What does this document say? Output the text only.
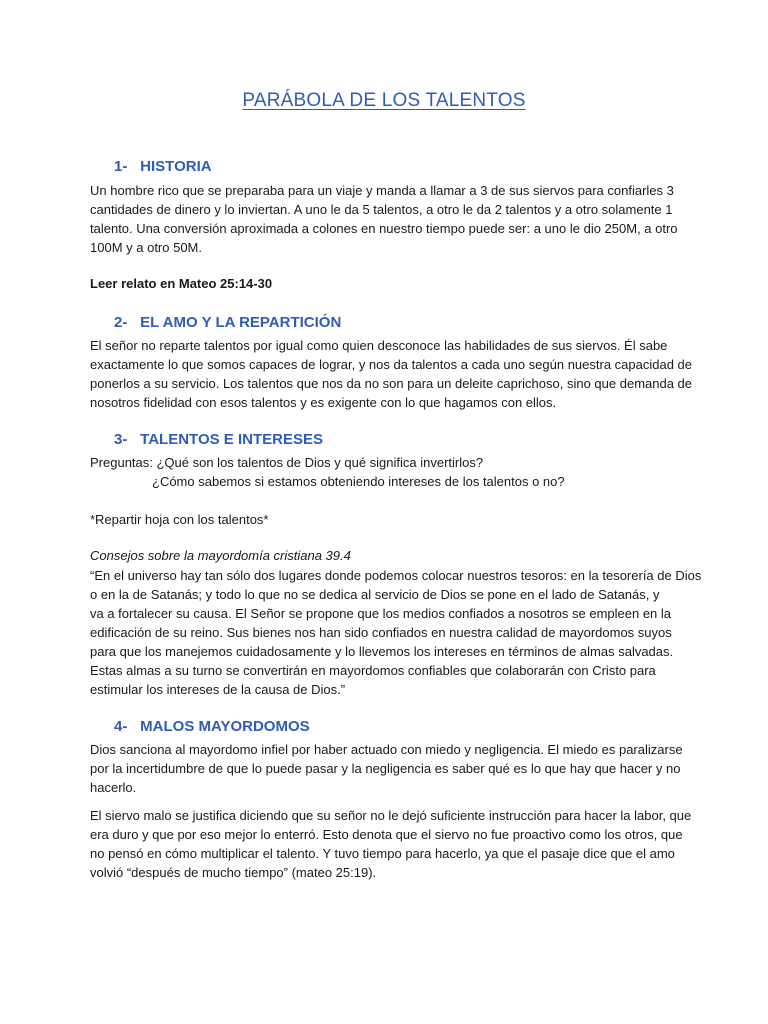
PARÁBOLA DE LOS TALENTOS
1- HISTORIA
Un hombre rico que se preparaba para un viaje y manda a llamar a 3 de sus siervos para confiarles 3
cantidades de dinero y lo inviertan. A uno le da 5 talentos, a otro le da 2 talentos y a otro solamente 1
talento. Una conversión aproximada a colones en nuestro tiempo puede ser: a uno le dio 250M, a otro
100M y a otro 50M.
Leer relato en Mateo 25:14-30
2- EL AMO Y LA REPARTICIÓN
El señor no reparte talentos por igual como quien desconoce las habilidades de sus siervos. Él sabe
exactamente lo que somos capaces de lograr, y nos da talentos a cada uno según nuestra capacidad de
ponerlos a su servicio. Los talentos que nos da no son para un deleite caprichoso, sino que demanda de
nosotros fidelidad con esos talentos y es exigente con lo que hagamos con ellos.
3- TALENTOS E INTERESES
Preguntas: ¿Qué son los talentos de Dios y qué significa invertirlos?
¿Cómo sabemos si estamos obteniendo intereses de los talentos o no?
*Repartir hoja con los talentos*
Consejos sobre la mayordomía cristiana 39.4
“En el universo hay tan sólo dos lugares donde podemos colocar nuestros tesoros: en la tesorería de Dios
o en la de Satanás; y todo lo que no se dedica al servicio de Dios se pone en el lado de Satanás, y
va a fortalecer su causa. El Señor se propone que los medios confiados a nosotros se empleen en la
edificación de su reino. Sus bienes nos han sido confiados en nuestra calidad de mayordomos suyos
para que los manejemos cuidadosamente y lo llevemos los intereses en términos de almas salvadas.
Estas almas a su turno se convertirán en mayordomos confiables que colaborarán con Cristo para
estimular los intereses de la causa de Dios.”
4- MALOS MAYORDOMOS
Dios sanciona al mayordomo infiel por haber actuado con miedo y negligencia. El miedo es paralizarse
por la incertidumbre de que lo puede pasar y la negligencia es saber qué es lo que hay que hacer y no
hacerlo.
El siervo malo se justifica diciendo que su señor no le dejó suficiente instrucción para hacer la labor, que
era duro y que por eso mejor lo enterró. Esto denota que el siervo no fue proactivo como los otros, que
no pensó en cómo multiplicar el talento. Y tuvo tiempo para hacerlo, ya que el pasaje dice que el amo
volvió “después de mucho tiempo” (mateo 25:19).
